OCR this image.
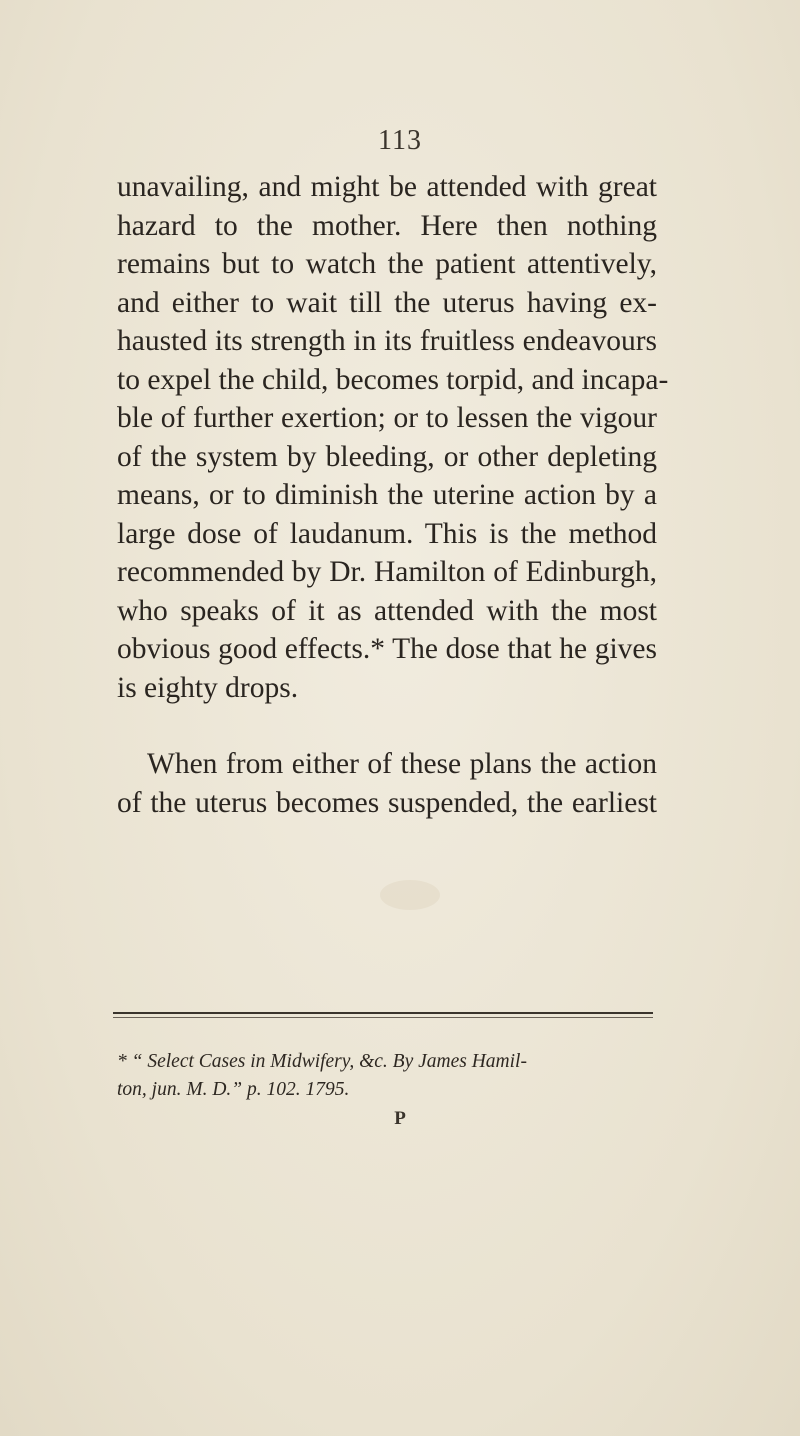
113
unavailing, and might be attended with great
hazard to the mother. Here then nothing
remains but to watch the patient attentively,
and either to wait till the uterus having ex-
hausted its strength in its fruitless endeavours
to expel the child, becomes torpid, and incapa-
ble of further exertion; or to lessen the vigour
of the system by bleeding, or other depleting
means, or to diminish the uterine action by a
large dose of laudanum. This is the method
recommended by Dr. Hamilton of Edinburgh,
who speaks of it as attended with the most
obvious good effects.* The dose that he gives
is eighty drops.
When from either of these plans the action
of the uterus becomes suspended, the earliest
* “ Select Cases in Midwifery, &c. By James Hamil-
ton, jun. M. D.” p. 102. 1795.
P
